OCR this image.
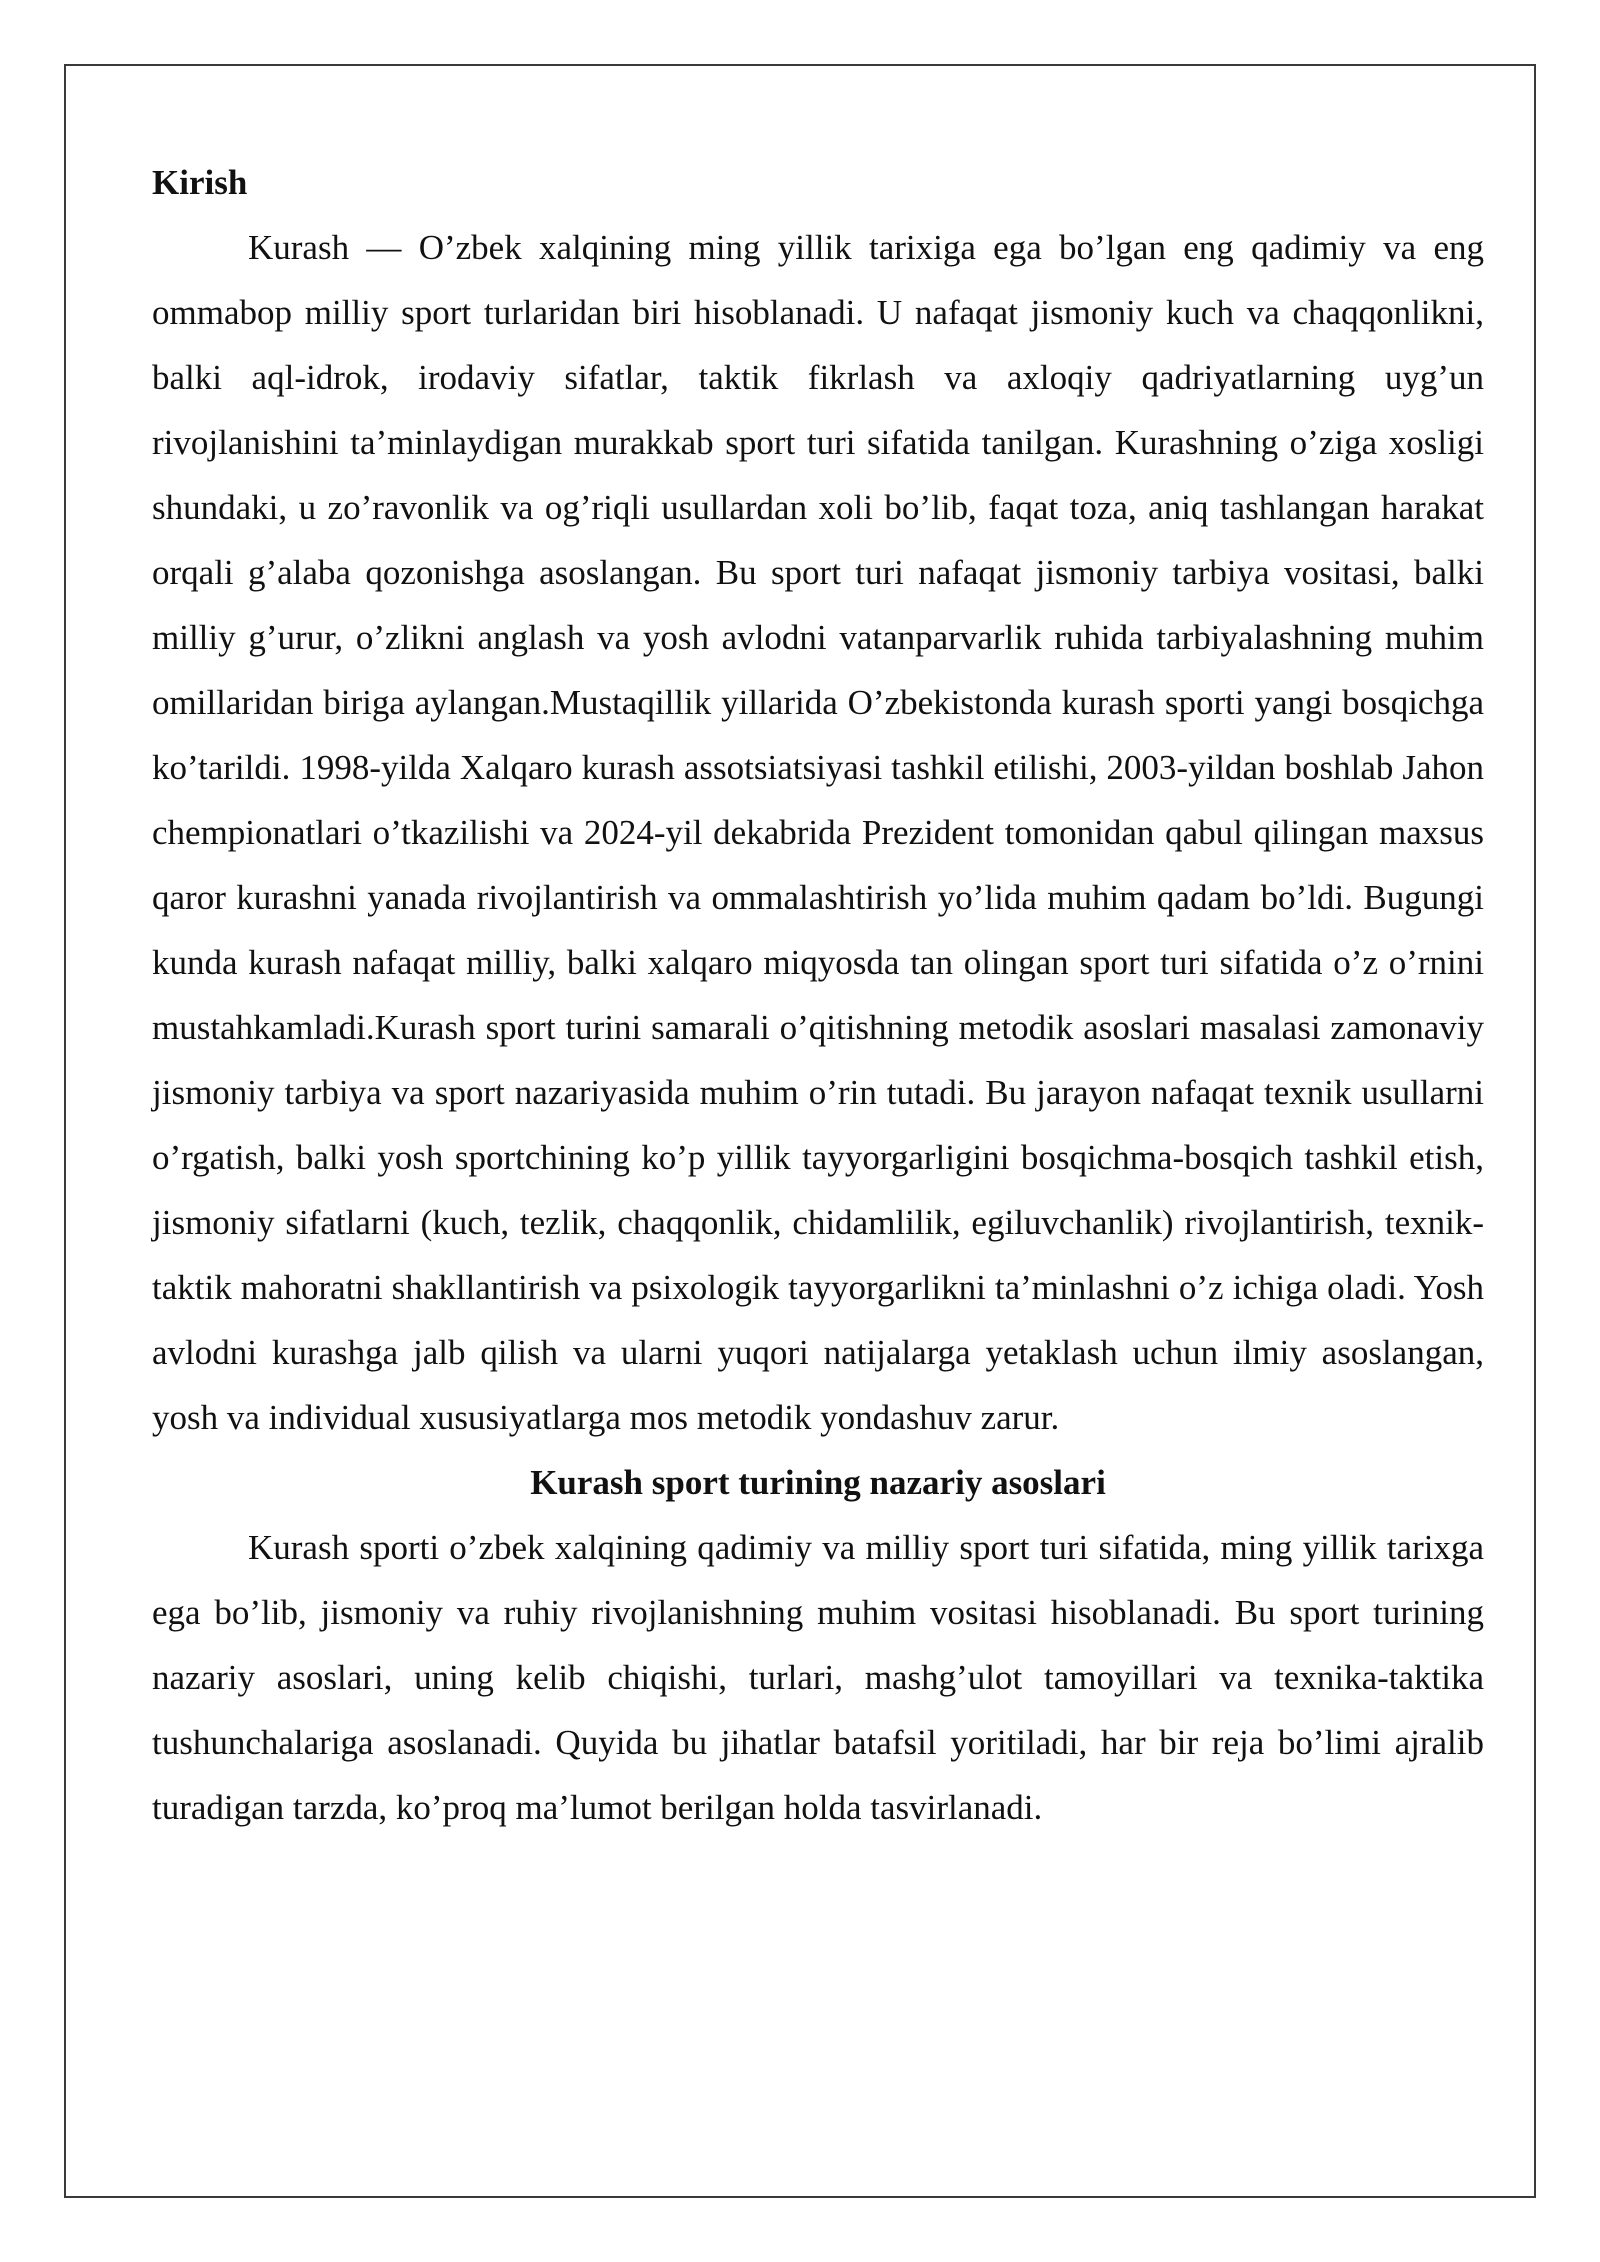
Kirish

Kurash — O’zbek xalqining ming yillik tarixiga ega bo’lgan eng qadimiy va eng ommabop milliy sport turlaridan biri hisoblanadi. U nafaqat jismoniy kuch va chaqqonlikni, balki aql-idrok, irodaviy sifatlar, taktik fikrlash va axloqiy qadriyatlarning uyg’un rivojlanishini ta’minlaydigan murakkab sport turi sifatida tanilgan. Kurashning o’ziga xosligi shundaki, u zo’ravonlik va og’riqli usullardan xoli bo’lib, faqat toza, aniq tashlangan harakat orqali g’alaba qozonishga asoslangan. Bu sport turi nafaqat jismoniy tarbiya vositasi, balki milliy g’urur, o’zlikni anglash va yosh avlodni vatanparvarlik ruhida tarbiyalashning muhim omillaridan biriga aylangan.Mustaqillik yillarida O’zbekistonda kurash sporti yangi bosqichga ko’tarildi. 1998-yilda Xalqaro kurash assotsiatsiyasi tashkil etilishi, 2003-yildan boshlab Jahon chempionatlari o’tkazilishi va 2024-yil dekabrida Prezident tomonidan qabul qilingan maxsus qaror kurashni yanada rivojlantirish va ommalashtirish yo’lida muhim qadam bo’ldi. Bugungi kunda kurash nafaqat milliy, balki xalqaro miqyosda tan olingan sport turi sifatida o’z o’rnini mustahkamladi.Kurash sport turini samarali o’qitishning metodik asoslari masalasi zamonaviy jismoniy tarbiya va sport nazariyasida muhim o’rin tutadi. Bu jarayon nafaqat texnik usullarni o’rgatish, balki yosh sportchining ko’p yillik tayyorgarligini bosqichma-bosqich tashkil etish, jismoniy sifatlarni (kuch, tezlik, chaqqonlik, chidamlilik, egiluvchanlik) rivojlantirish, texnik-taktik mahoratni shakllantirish va psixologik tayyorgarlikni ta’minlashni o’z ichiga oladi. Yosh avlodni kurashga jalb qilish va ularni yuqori natijalarga yetaklash uchun ilmiy asoslangan, yosh va individual xususiyatlarga mos metodik yondashuv zarur.

Kurash sport turining nazariy asoslari

Kurash sporti o’zbek xalqining qadimiy va milliy sport turi sifatida, ming yillik tarixga ega bo’lib, jismoniy va ruhiy rivojlanishning muhim vositasi hisoblanadi. Bu sport turining nazariy asoslari, uning kelib chiqishi, turlari, mashg’ulot tamoyillari va texnika-taktika tushunchalariga asoslanadi. Quyida bu jihatlar batafsil yoritiladi, har bir reja bo’limi ajralib turadigan tarzda, ko’proq ma’lumot berilgan holda tasvirlanadi.
